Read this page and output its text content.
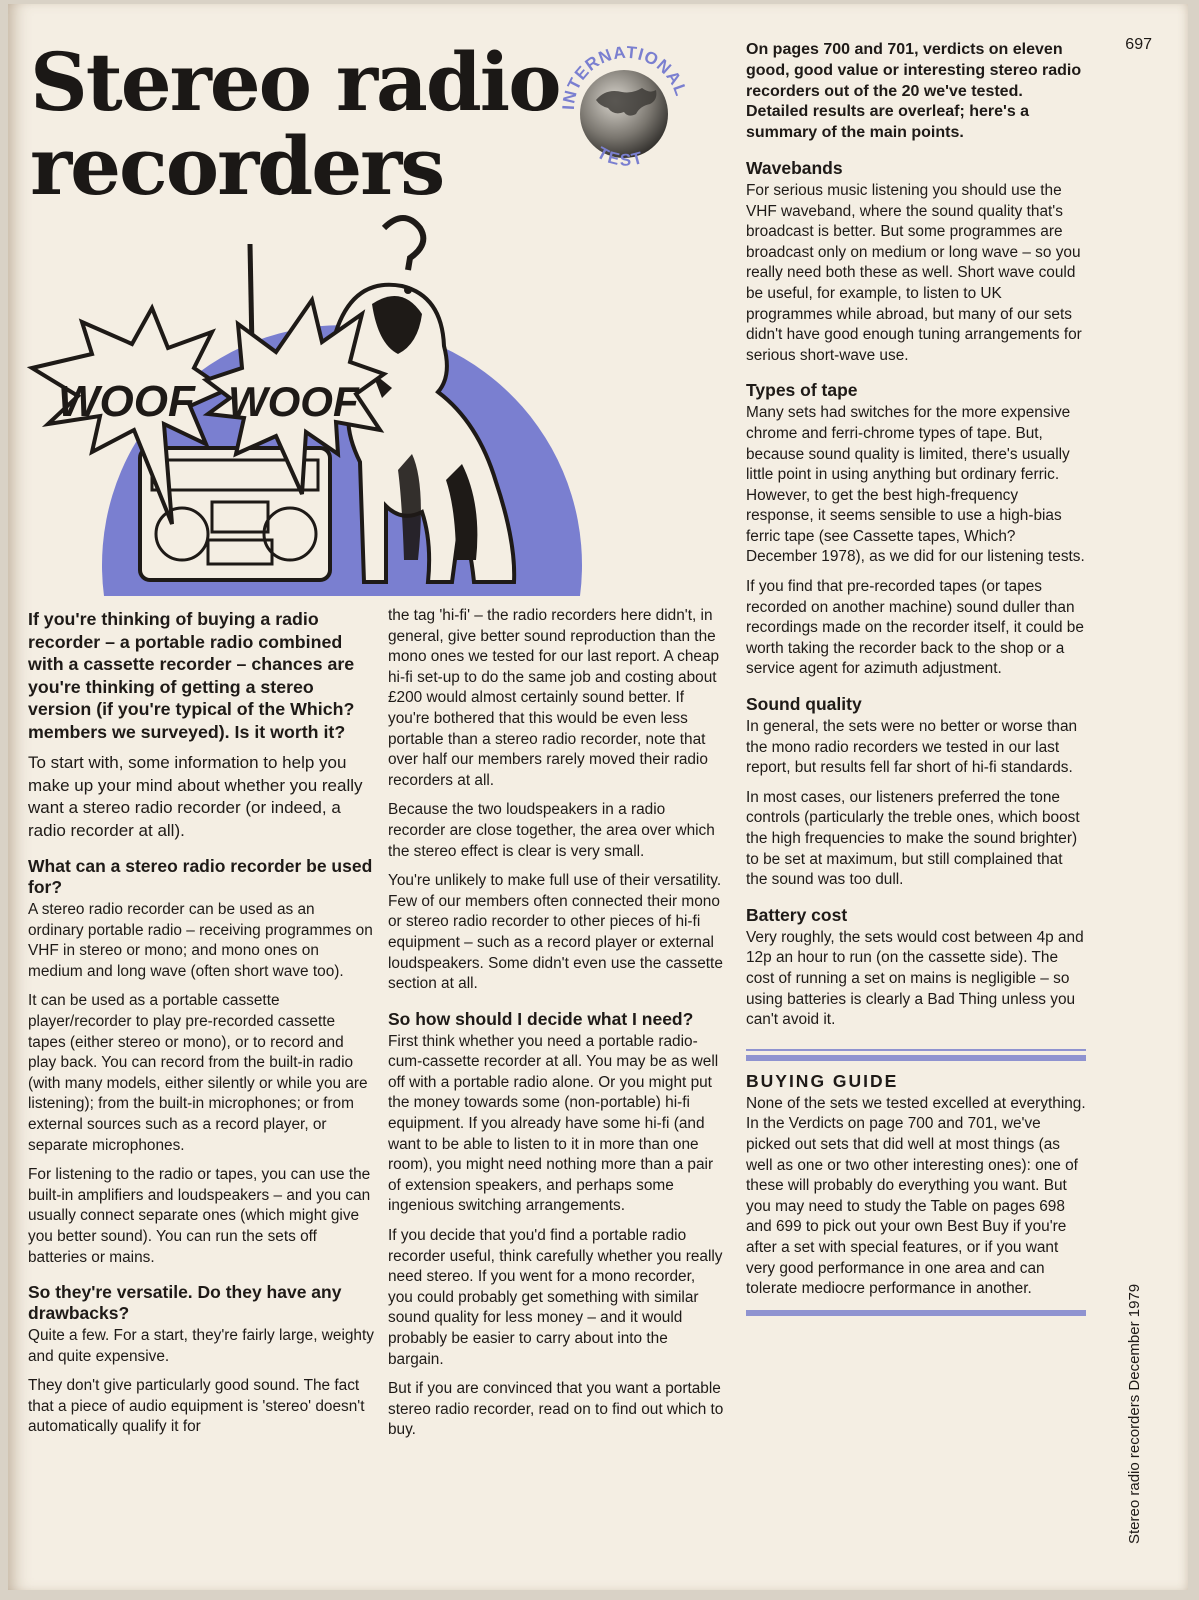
Stereo radio
recorders
697
INTERNATIONAL
TEST
?
WOOF WOOF

If you're thinking of buying a radio recorder – a portable radio combined with a cassette recorder – chances are you're thinking of getting a stereo version (if you're typical of the Which? members we surveyed). Is it worth it?

To start with, some information to help you make up your mind about whether you really want a stereo radio recorder (or indeed, a radio recorder at all).

What can a stereo radio recorder be used for?

A stereo radio recorder can be used as an ordinary portable radio – receiving programmes on VHF in stereo or mono; and mono ones on medium and long wave (often short wave too).

It can be used as a portable cassette player/recorder to play pre-recorded cassette tapes (either stereo or mono), or to record and play back. You can record from the built-in radio (with many models, either silently or while you are listening); from the built-in microphones; or from external sources such as a record player, or separate microphones.

For listening to the radio or tapes, you can use the built-in amplifiers and loudspeakers – and you can usually connect separate ones (which might give you better sound). You can run the sets off batteries or mains.

So they're versatile. Do they have any drawbacks?

Quite a few. For a start, they're fairly large, weighty and quite expensive.

They don't give particularly good sound. The fact that a piece of audio equipment is 'stereo' doesn't automatically qualify it for

the tag 'hi-fi' – the radio recorders here didn't, in general, give better sound reproduction than the mono ones we tested for our last report. A cheap hi-fi set-up to do the same job and costing about £200 would almost certainly sound better. If you're bothered that this would be even less portable than a stereo radio recorder, note that over half our members rarely moved their radio recorders at all.

Because the two loudspeakers in a radio recorder are close together, the area over which the stereo effect is clear is very small.

You're unlikely to make full use of their versatility. Few of our members often connected their mono or stereo radio recorder to other pieces of hi-fi equipment – such as a record player or external loudspeakers. Some didn't even use the cassette section at all.

So how should I decide what I need?

First think whether you need a portable radio-cum-cassette recorder at all. You may be as well off with a portable radio alone. Or you might put the money towards some (non-portable) hi-fi equipment. If you already have some hi-fi (and want to be able to listen to it in more than one room), you might need nothing more than a pair of extension speakers, and perhaps some ingenious switching arrangements.

If you decide that you'd find a portable radio recorder useful, think carefully whether you really need stereo. If you went for a mono recorder, you could probably get something with similar sound quality for less money – and it would probably be easier to carry about into the bargain.

But if you are convinced that you want a portable stereo radio recorder, read on to find out which to buy.

On pages 700 and 701, verdicts on eleven good, good value or interesting stereo radio recorders out of the 20 we've tested. Detailed results are overleaf; here's a summary of the main points.

Wavebands

For serious music listening you should use the VHF waveband, where the sound quality that's broadcast is better. But some programmes are broadcast only on medium or long wave – so you really need both these as well. Short wave could be useful, for example, to listen to UK programmes while abroad, but many of our sets didn't have good enough tuning arrangements for serious short-wave use.

Types of tape

Many sets had switches for the more expensive chrome and ferri-chrome types of tape. But, because sound quality is limited, there's usually little point in using anything but ordinary ferric. However, to get the best high-frequency response, it seems sensible to use a high-bias ferric tape (see Cassette tapes, Which? December 1978), as we did for our listening tests.

If you find that pre-recorded tapes (or tapes recorded on another machine) sound duller than recordings made on the recorder itself, it could be worth taking the recorder back to the shop or a service agent for azimuth adjustment.

Sound quality

In general, the sets were no better or worse than the mono radio recorders we tested in our last report, but results fell far short of hi-fi standards.

In most cases, our listeners preferred the tone controls (particularly the treble ones, which boost the high frequencies to make the sound brighter) to be set at maximum, but still complained that the sound was too dull.

Battery cost

Very roughly, the sets would cost between 4p and 12p an hour to run (on the cassette side). The cost of running a set on mains is negligible – so using batteries is clearly a Bad Thing unless you can't avoid it.

BUYING GUIDE

None of the sets we tested excelled at everything. In the Verdicts on page 700 and 701, we've picked out sets that did well at most things (as well as one or two other interesting ones): one of these will probably do everything you want. But you may need to study the Table on pages 698 and 699 to pick out your own Best Buy if you're after a set with special features, or if you want very good performance in one area and can tolerate mediocre performance in another.	Stereo radio recorders December 1979
